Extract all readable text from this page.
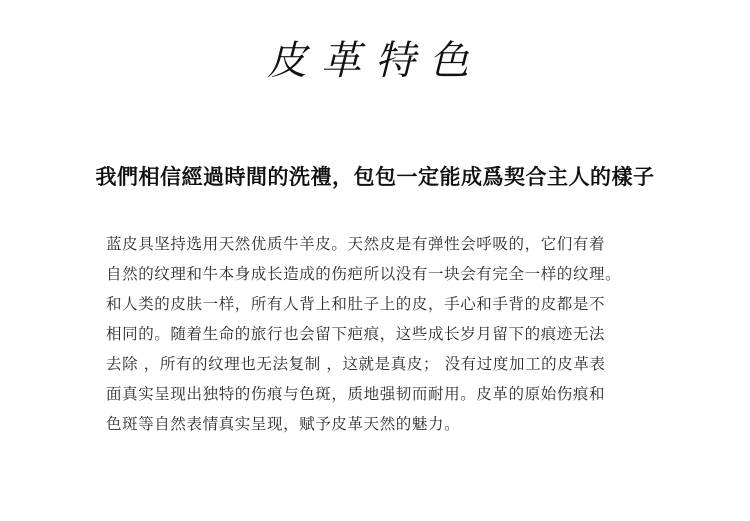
皮革特色
我們相信經過時間的洗禮，包包一定能成爲契合主人的樣子
蓝皮具坚持选用天然优质牛羊皮。天然皮是有弹性会呼吸的，它们有着
自然的纹理和牛本身成长造成的伤疤所以没有一块会有完全一样的纹理。
和人类的皮肤一样，所有人背上和肚子上的皮，手心和手背的皮都是不
相同的。随着生命的旅行也会留下疤痕，这些成长岁月留下的痕迹无法
去除 ，所有的纹理也无法复制 ，这就是真皮； 没有过度加工的皮革表
面真实呈现出独特的伤痕与色斑，质地强韧而耐用。皮革的原始伤痕和
色斑等自然表情真实呈现，赋予皮革天然的魅力。
